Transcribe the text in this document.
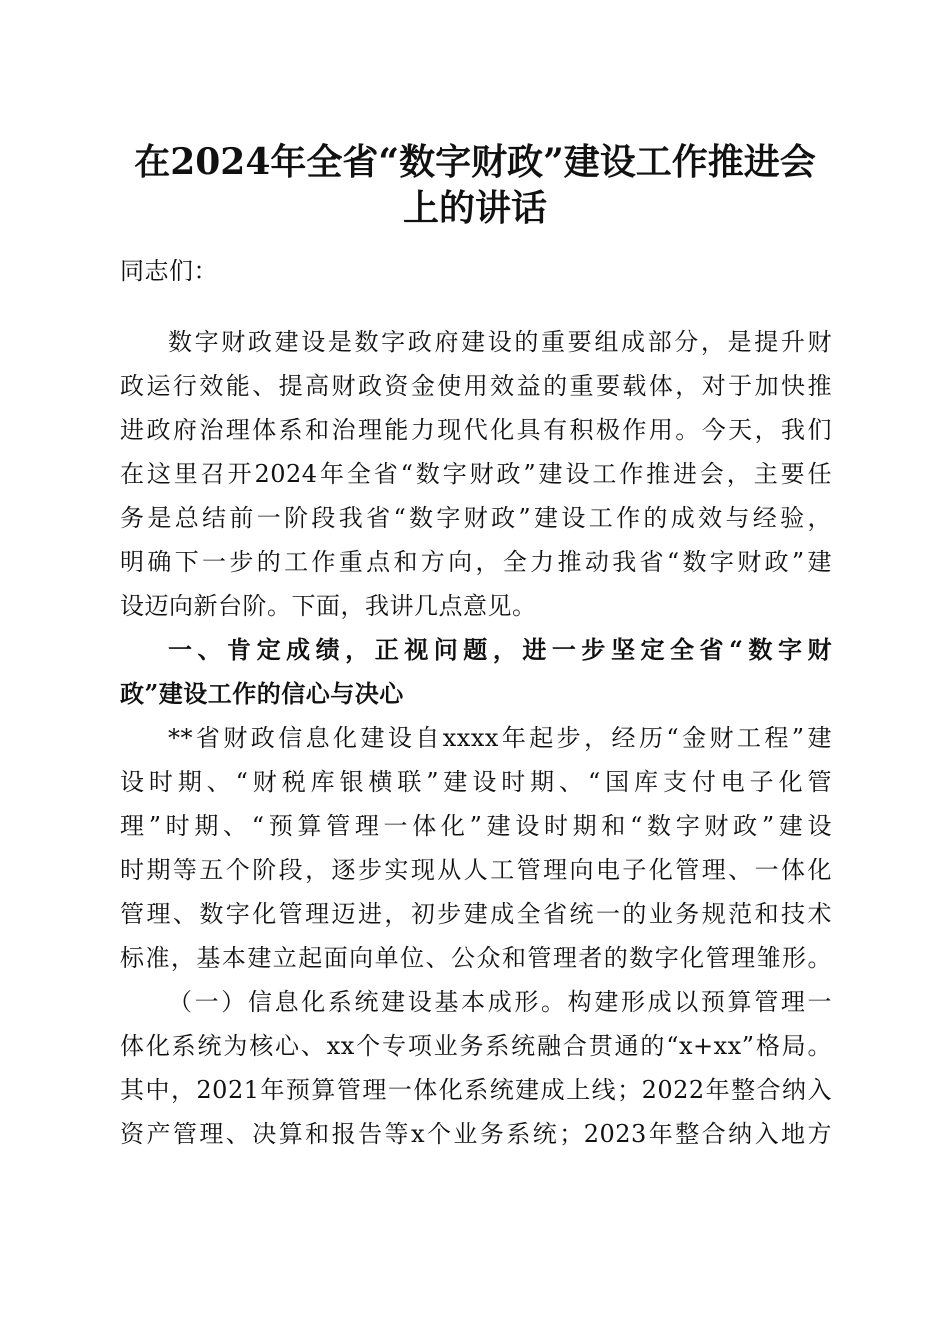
在2024年全省“数字财政”建设工作推进会
上的讲话

同志们：

数字财政建设是数字政府建设的重要组成部分，是提升财

政运行效能、提高财政资金使用效益的重要载体，对于加快推

进政府治理体系和治理能力现代化具有积极作用。今天，我们

在这里召开2024年全省“数字财政”建设工作推进会，主要任

务是总结前一阶段我省“数字财政”建设工作的成效与经验，

明确下一步的工作重点和方向，全力推动我省“数字财政”建

设迈向新台阶。下面，我讲几点意见。

一、肯定成绩，正视问题，进一步坚定全省“数字财

政”建设工作的信心与决心

**省财政信息化建设自xxxx年起步，经历“金财工程”建

设时期、“财税库银横联”建设时期、“国库支付电子化管

理”时期、“预算管理一体化”建设时期和“数字财政”建设

时期等五个阶段，逐步实现从人工管理向电子化管理、一体化

管理、数字化管理迈进，初步建成全省统一的业务规范和技术

标准，基本建立起面向单位、公众和管理者的数字化管理雏形。

（一）信息化系统建设基本成形。构建形成以预算管理一

体化系统为核心、xx个专项业务系统融合贯通的“x+xx”格局。

其中，2021年预算管理一体化系统建成上线；2022年整合纳入

资产管理、决算和报告等x个业务系统；2023年整合纳入地方
